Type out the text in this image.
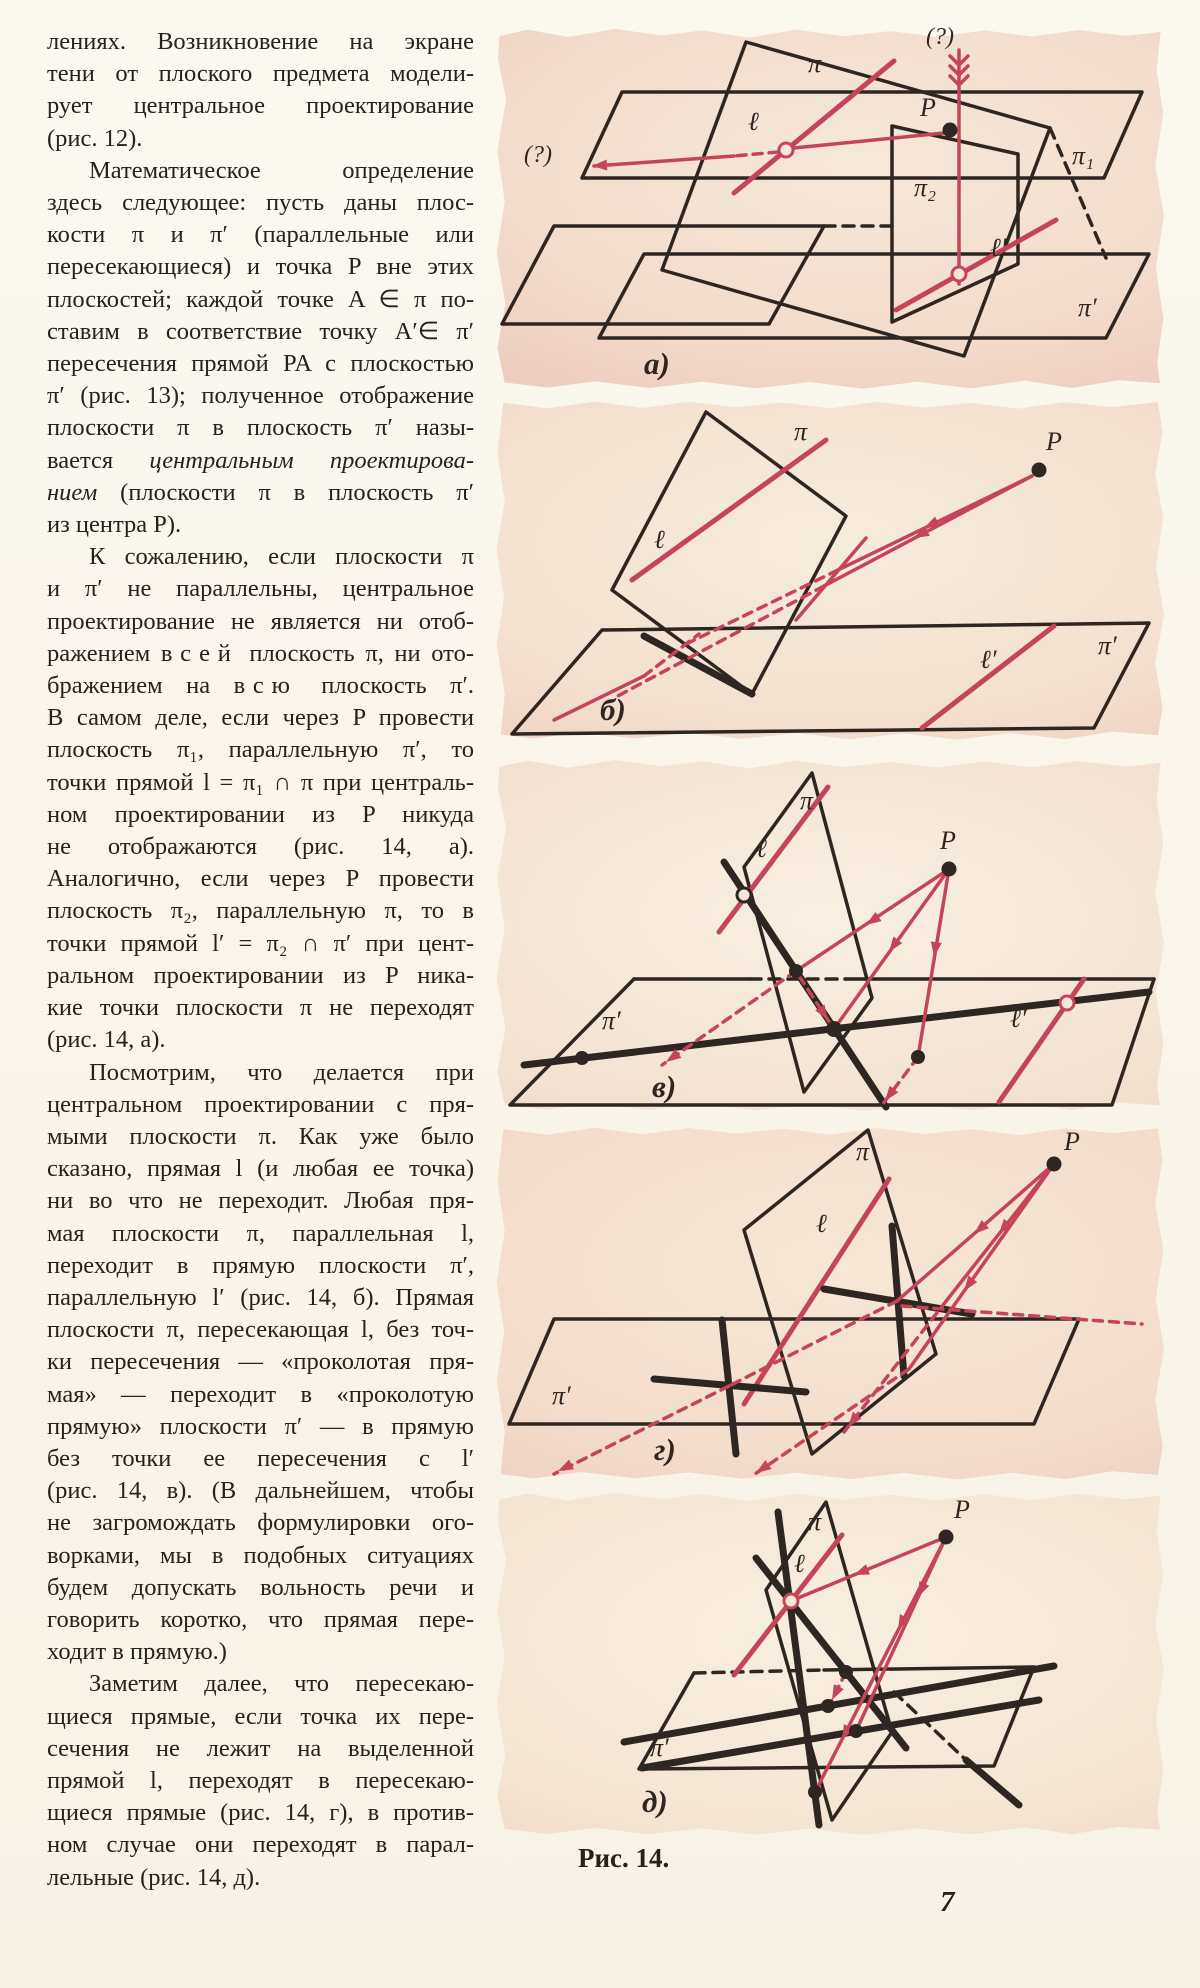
лениях. Возникновение на экране
тени от плоского предмета модели-
рует центральное проектирование
(рис. 12).
Математическое определение
здесь следующее: пусть даны плос-
кости π и π′ (параллельные или
пересекающиеся) и точка P вне этих
плоскостей; каждой точке A ∈ π по-
ставим в соответствие точку A′∈ π′
пересечения прямой PA с плоскостью
π′ (рис. 13); полученное отображение
плоскости π в плоскость π′ назы-
вается центральным проектирова-
нием (плоскости π в плоскость π′
из центра P).
К сожалению, если плоскости π
и π′ не параллельны, центральное
проектирование не является ни отоб-
ражением всей плоскость π, ни ото-
бражением на всю плоскость π′.
В самом деле, если через P провести
плоскость π₁, параллельную π′, то
точки прямой l = π₁ ∩ π при централь-
ном проектировании из P никуда
не отображаются (рис. 14, а).
Аналогично, если через P провести
плоскость π₂, параллельную π, то в
точки прямой l′ = π₂ ∩ π′ при цент-
ральном проектировании из P ника-
кие точки плоскости π не переходят
(рис. 14, а).
Посмотрим, что делается при
центральном проектировании с пря-
мыми плоскости π. Как уже было
сказано, прямая l (и любая ее точка)
ни во что не переходит. Любая пря-
мая плоскости π, параллельная l,
переходит в прямую плоскости π′,
параллельную l′ (рис. 14, б). Прямая
плоскости π, пересекающая l, без точ-
ки пересечения — «проколотая пря-
мая» — переходит в «проколотую
прямую» плоскости π′ — в прямую
без точки ее пересечения с l′
(рис. 14, в). (В дальнейшем, чтобы
не загромождать формулировки ого-
ворками, мы в подобных ситуациях
будем допускать вольность речи и
говорить коротко, что прямая пере-
ходит в прямую.)
Заметим далее, что пересекаю-
щиеся прямые, если точка их пере-
сечения не лежит на выделенной
прямой l, переходят в пересекаю-
щиеся прямые (рис. 14, г), в против-
ном случае они переходят в парал-
лельные (рис. 14, д).
π
π₁
π₂
π′
ℓ
ℓ′
P
(?)
(?)
а)
π
π′
ℓ
ℓ′
P
б)
π
π′
ℓ
ℓ′
P
в)
π
π′
ℓ
P
г)
π
π′
ℓ
P
д)
Рис. 14.
7
